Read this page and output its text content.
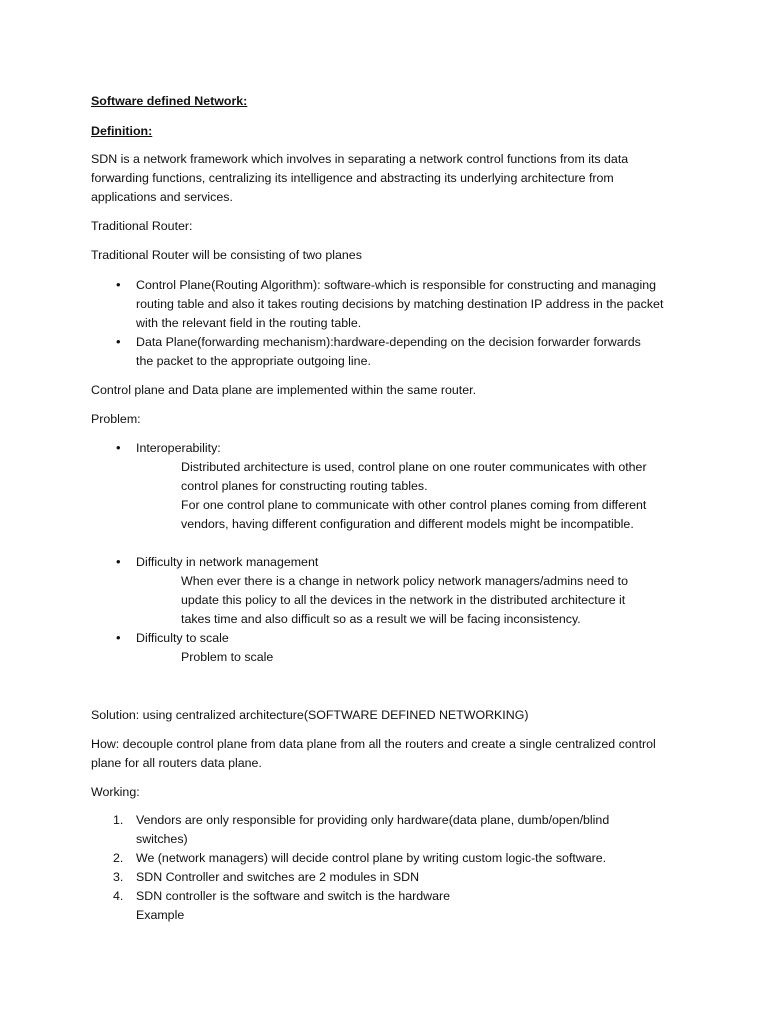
Software defined Network:
Definition:
SDN is a network framework which involves in separating a network control functions from its data
forwarding functions, centralizing its intelligence and abstracting its underlying architecture from
applications and services.
Traditional Router:
Traditional Router will be consisting of two planes
• Control Plane(Routing Algorithm): software-which is responsible for constructing and managing
routing table and also it takes routing decisions by matching destination IP address in the packet
with the relevant field in the routing table.
• Data Plane(forwarding mechanism):hardware-depending on the decision forwarder forwards
the packet to the appropriate outgoing line.
Control plane and Data plane are implemented within the same router.
Problem:
• Interoperability:
Distributed architecture is used, control plane on one router communicates with other
control planes for constructing routing tables.
For one control plane to communicate with other control planes coming from different
vendors, having different configuration and different models might be incompatible.
• Difficulty in network management
When ever there is a change in network policy network managers/admins need to
update this policy to all the devices in the network in the distributed architecture it
takes time and also difficult so as a result we will be facing inconsistency.
• Difficulty to scale
Problem to scale
Solution: using centralized architecture(SOFTWARE DEFINED NETWORKING)
How: decouple control plane from data plane from all the routers and create a single centralized control
plane for all routers data plane.
Working:
1. Vendors are only responsible for providing only hardware(data plane, dumb/open/blind
switches)
2. We (network managers) will decide control plane by writing custom logic-the software.
3. SDN Controller and switches are 2 modules in SDN
4. SDN controller is the software and switch is the hardware
Example
